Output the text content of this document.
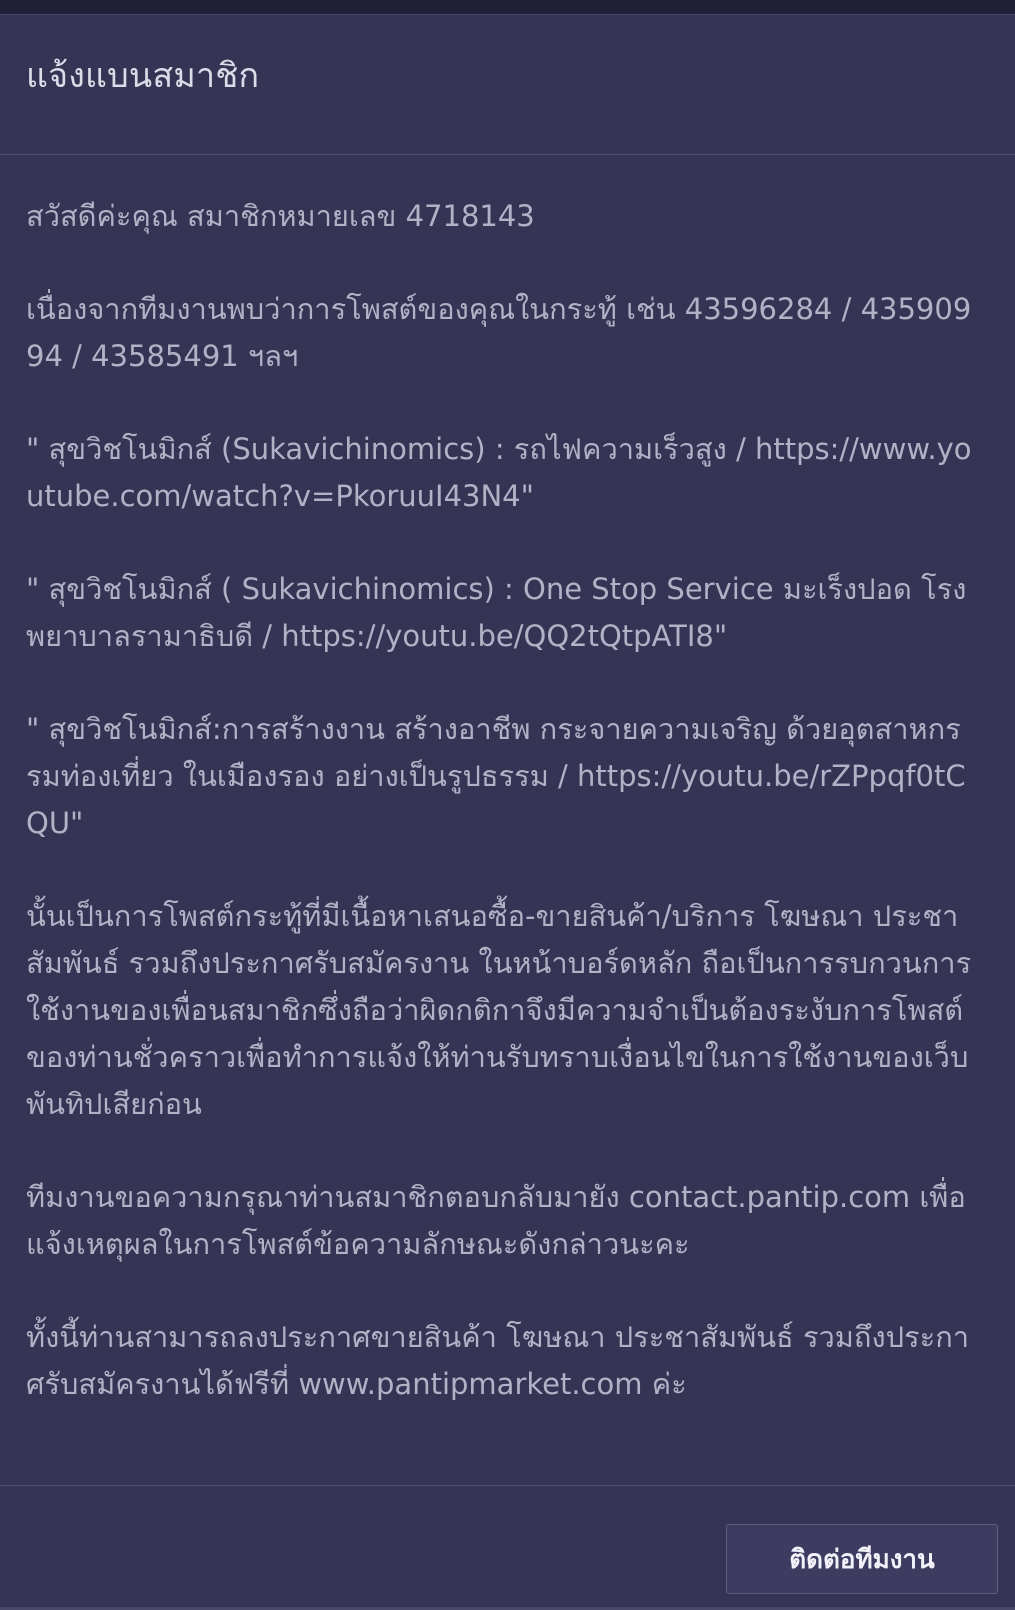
แจ้งแบนสมาชิก

สวัสดีค่ะคุณ สมาชิกหมายเลข 4718143

เนื่องจากทีมงานพบว่าการโพสต์ของคุณในกระทู้ เช่น 43596284 / 43590994 / 43585491 ฯลฯ

" สุขวิชโนมิกส์ (Sukavichinomics) : รถไฟความเร็วสูง / https://www.youtube.com/watch?v=PkoruuI43N4"

" สุขวิชโนมิกส์ ( Sukavichinomics) : One Stop Service มะเร็งปอด โรงพยาบาลรามาธิบดี / https://youtu.be/QQ2tQtpATI8"

" สุขวิชโนมิกส์:การสร้างงาน สร้างอาชีพ กระจายความเจริญ ด้วยอุตสาหกรรมท่องเที่ยว ในเมืองรอง อย่างเป็นรูปธรรม / https://youtu.be/rZPpqf0tCQU"

นั้นเป็นการโพสต์กระทู้ที่มีเนื้อหาเสนอซื้อ-ขายสินค้า/บริการ โฆษณา ประชาสัมพันธ์ รวมถึงประกาศรับสมัครงาน ในหน้าบอร์ดหลัก ถือเป็นการรบกวนการใช้งานของเพื่อนสมาชิกซึ่งถือว่าผิดกติกาจึงมีความจำเป็นต้องระงับการโพสต์ของท่านชั่วคราวเพื่อทำการแจ้งให้ท่านรับทราบเงื่อนไขในการใช้งานของเว็บพันทิปเสียก่อน

ทีมงานขอความกรุณาท่านสมาชิกตอบกลับมายัง contact.pantip.com เพื่อแจ้งเหตุผลในการโพสต์ข้อความลักษณะดังกล่าวนะคะ

ทั้งนี้ท่านสามารถลงประกาศขายสินค้า โฆษณา ประชาสัมพันธ์ รวมถึงประกาศรับสมัครงานได้ฟรีที่ www.pantipmarket.com ค่ะ

ติดต่อทีมงาน
